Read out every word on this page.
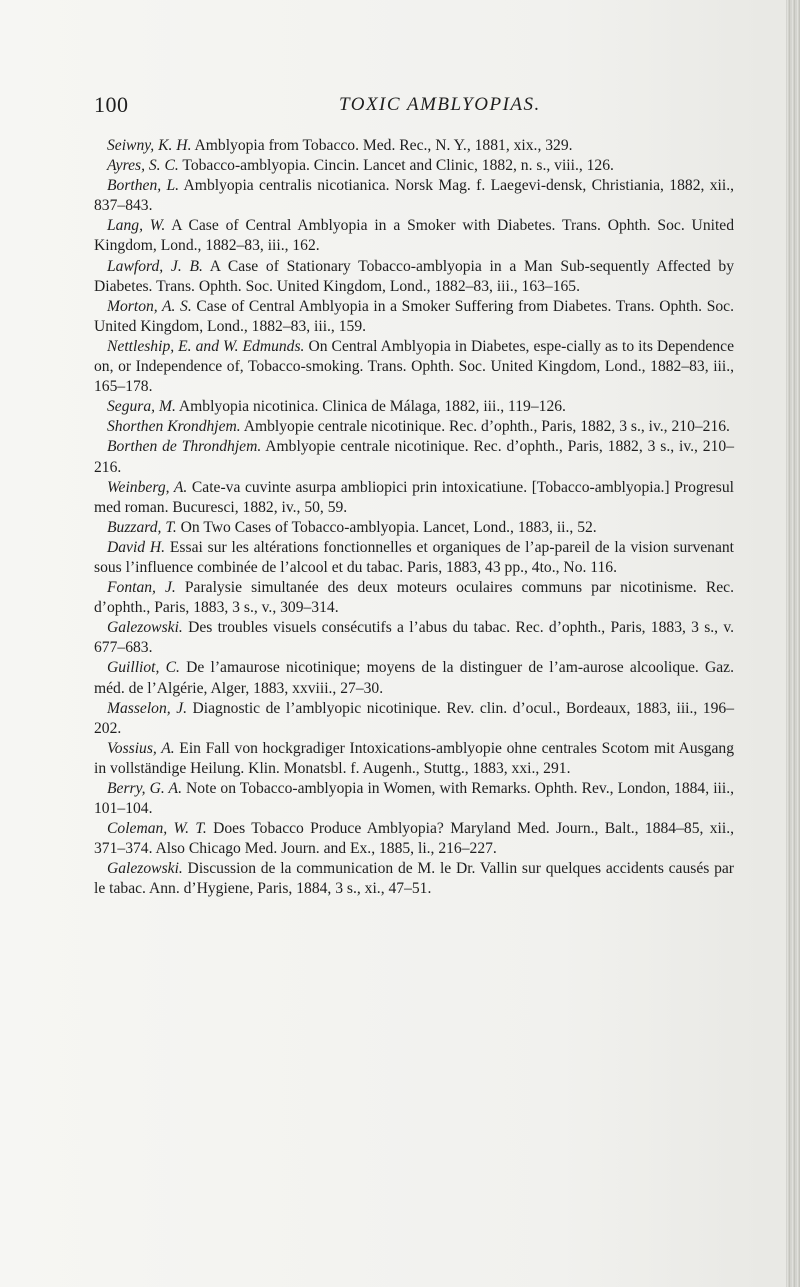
100	TOXIC AMBLYOPIAS.

Seiwny, K. H. Amblyopia from Tobacco. Med. Rec., N. Y., 1881, xix., 329.

Ayres, S. C. Tobacco-amblyopia. Cincin. Lancet and Clinic, 1882, n. s., viii., 126.

Borthen, L. Amblyopia centralis nicotianica. Norsk Mag. f. Laegevi-densk, Christiania, 1882, xii., 837–843.

Lang, W. A Case of Central Amblyopia in a Smoker with Diabetes. Trans. Ophth. Soc. United Kingdom, Lond., 1882–83, iii., 162.

Lawford, J. B. A Case of Stationary Tobacco-amblyopia in a Man Sub-sequently Affected by Diabetes. Trans. Ophth. Soc. United Kingdom, Lond., 1882–83, iii., 163–165.

Morton, A. S. Case of Central Amblyopia in a Smoker Suffering from Diabetes. Trans. Ophth. Soc. United Kingdom, Lond., 1882–83, iii., 159.

Nettleship, E. and W. Edmunds. On Central Amblyopia in Diabetes, espe-cially as to its Dependence on, or Independence of, Tobacco-smoking. Trans. Ophth. Soc. United Kingdom, Lond., 1882–83, iii., 165–178.

Segura, M. Amblyopia nicotinica. Clinica de Málaga, 1882, iii., 119–126.

Shorthen Krondhjem. Amblyopie centrale nicotinique. Rec. d’ophth., Paris, 1882, 3 s., iv., 210–216.

Borthen de Throndhjem. Amblyopie centrale nicotinique. Rec. d’ophth., Paris, 1882, 3 s., iv., 210–216.

Weinberg, A. Cate-va cuvinte asurpa ambliopici prin intoxicatiune. [Tobacco-amblyopia.] Progresul med roman. Bucuresci, 1882, iv., 50, 59.

Buzzard, T. On Two Cases of Tobacco-amblyopia. Lancet, Lond., 1883, ii., 52.

David H. Essai sur les altérations fonctionnelles et organiques de l’ap-pareil de la vision survenant sous l’influence combinée de l’alcool et du tabac. Paris, 1883, 43 pp., 4to., No. 116.

Fontan, J. Paralysie simultanée des deux moteurs oculaires communs par nicotinisme. Rec. d’ophth., Paris, 1883, 3 s., v., 309–314.

Galezowski. Des troubles visuels consécutifs a l’abus du tabac. Rec. d’ophth., Paris, 1883, 3 s., v. 677–683.

Guilliot, C. De l’amaurose nicotinique; moyens de la distinguer de l’am-aurose alcoolique. Gaz. méd. de l’Algérie, Alger, 1883, xxviii., 27–30.

Masselon, J. Diagnostic de l’amblyopic nicotinique. Rev. clin. d’ocul., Bordeaux, 1883, iii., 196–202.

Vossius, A. Ein Fall von hockgradiger Intoxications-amblyopie ohne centrales Scotom mit Ausgang in vollständige Heilung. Klin. Monatsbl. f. Augenh., Stuttg., 1883, xxi., 291.

Berry, G. A. Note on Tobacco-amblyopia in Women, with Remarks. Ophth. Rev., London, 1884, iii., 101–104.

Coleman, W. T. Does Tobacco Produce Amblyopia? Maryland Med. Journ., Balt., 1884–85, xii., 371–374. Also Chicago Med. Journ. and Ex., 1885, li., 216–227.

Galezowski. Discussion de la communication de M. le Dr. Vallin sur quelques accidents causés par le tabac. Ann. d’Hygiene, Paris, 1884, 3 s., xi., 47–51.
